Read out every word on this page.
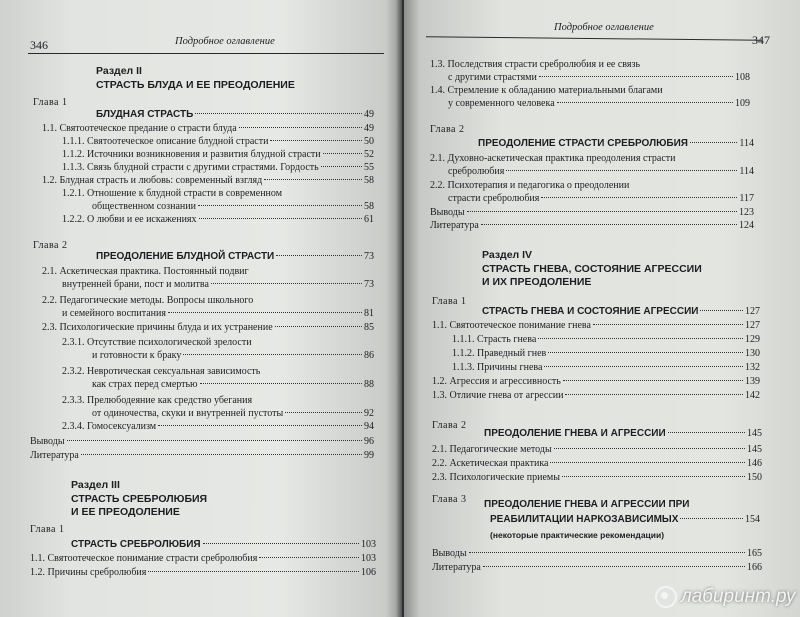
346	Подробное оглавление
Раздел II
СТРАСТЬ БЛУДА И ЕЕ ПРЕОДОЛЕНИЕ
Глава 1
БЛУДНАЯ СТРАСТЬ	49
1.1. Святоотеческое предание о страсти блуда	49
1.1.1. Святоотеческое описание блудной страсти	50
1.1.2. Источники возникновения и развития блудной страсти	52
1.1.3. Связь блудной страсти с другими страстями. Гордость	55
1.2. Блудная страсть и любовь: современный взгляд	58
1.2.1. Отношение к блудной страсти в современном
общественном сознании	58
1.2.2. О любви и ее искажениях	61
Глава 2
ПРЕОДОЛЕНИЕ БЛУДНОЙ СТРАСТИ	73
2.1. Аскетическая практика. Постоянный подвиг
внутренней брани, пост и молитва	73
2.2. Педагогические методы. Вопросы школьного
и семейного воспитания	81
2.3. Психологические причины блуда и их устранение	85
2.3.1. Отсутствие психологической зрелости
и готовности к браку	86
2.3.2. Невротическая сексуальная зависимость
как страх перед смертью	88
2.3.3. Прелюбодеяние как средство убегания
от одиночества, скуки и внутренней пустоты	92
2.3.4. Гомосексуализм	94
Выводы	96
Литература	99
Раздел III
СТРАСТЬ СРЕБРОЛЮБИЯ
И ЕЕ ПРЕОДОЛЕНИЕ
Глава 1
СТРАСТЬ СРЕБРОЛЮБИЯ	103
1.1. Святоотеческое понимание страсти сребролюбия	103
1.2. Причины сребролюбия	106
Подробное оглавление
347
1.3. Последствия страсти сребролюбия и ее связь
с другими страстями	108
1.4. Стремление к обладанию материальными благами
у современного человека	109
Глава 2
ПРЕОДОЛЕНИЕ СТРАСТИ СРЕБРОЛЮБИЯ	114
2.1. Духовно-аскетическая практика преодоления страсти
сребролюбия	114
2.2. Психотерапия и педагогика о преодолении
страсти сребролюбия	117
Выводы	123
Литература	124
Раздел IV
СТРАСТЬ ГНЕВА, СОСТОЯНИЕ АГРЕССИИ
И ИХ ПРЕОДОЛЕНИЕ
Глава 1
СТРАСТЬ ГНЕВА И СОСТОЯНИЕ АГРЕССИИ	127
1.1. Святоотеческое понимание гнева	127
1.1.1. Страсть гнева	129
1.1.2. Праведный гнев	130
1.1.3. Причины гнева	132
1.2. Агрессия и агрессивность	139
1.3. Отличие гнева от агрессии	142
Глава 2
ПРЕОДОЛЕНИЕ ГНЕВА И АГРЕССИИ	145
2.1. Педагогические методы	145
2.2. Аскетическая практика	146
2.3. Психологические приемы	150
Глава 3 ПРЕОДОЛЕНИЕ ГНЕВА И АГРЕССИИ ПРИ
РЕАБИЛИТАЦИИ НАРКОЗАВИСИМЫХ	154
(некоторые практические рекомендации)
Выводы	165
Литература	166
лабиринт.ру
